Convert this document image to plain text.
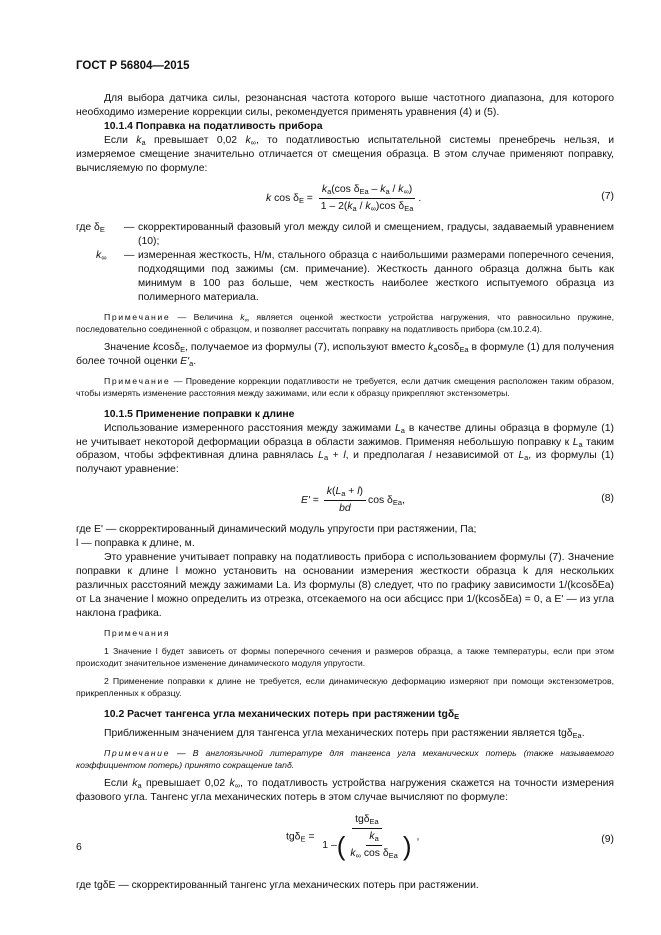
ГОСТ Р 56804—2015

Для выбора датчика силы, резонансная частота которого выше частотного диапазона, для которого необходимо измерение коррекции силы, рекомендуется применять уравнения (4) и (5).

10.1.4 Поправка на податливость прибора

Если $k_a$ превышает 0,02 $k_\infty$, то податливостью испытательной системы пренебречь нельзя, и измеряемое смещение значительно отличается от смещения образца. В этом случае применяют поправку, вычисляемую по формуле:

k $\cos \delta_E = \frac{k_a(\cos \delta_{Ea} - k_a / k_\infty)}{1 - 2(k_a / k_\infty)\cos \delta_{Ea}}$ .	(7)
где $\delta_E$	— скорректированный фазовый угол между силой и смещением, градусы, задаваемый уравнением (10);
$k_\infty$	— измеренная жесткость, Н/м, стального образца с наибольшими размерами поперечного сечения, подходящими под зажимы (см. примечание). Жесткость данного образца должна быть как минимум в 100 раз больше, чем жесткость наиболее жесткого испытуемого образца из полимерного материала.

Примечание — Величина $k_\infty$ является оценкой жесткости устройства нагружения, что равносильно пружине, последовательно соединенной с образцом, и позволяет рассчитать поправку на податливость прибора (см.10.2.4).

Значение kcosδ$_E$, получаемое из формулы (7), используют вместо $k_a\cos\delta_{Ea}$ в формуле (1) для получения более точной оценки $E'_a$.

Примечание — Проведение коррекции податливости не требуется, если датчик смещения расположен таким образом, чтобы измерять изменение расстояния между зажимами, или если к образцу прикрепляют экстензометры.

10.1.5 Применение поправки к длине

Использование измеренного расстояния между зажимами $L_a$ в качестве длины образца в формуле (1) не учитывает некоторой деформации образца в области зажимов. Применяя небольшую поправку к $L_a$ таким образом, чтобы эффективная длина равнялась $L_a + l$, и предполагая l независимой от $L_a$, из формулы (1) получают уравнение:

$E' = \frac{k(L_a + l)}{bd}$ $\cos \delta_{Ea}$,	(8)

где E' — скорректированный динамический модуль упругости при растяжении, Па;

l — поправка к длине, м.

Это уравнение учитывает поправку на податливость прибора с использованием формулы (7). Значение поправки к длине l можно установить на основании измерения жесткости образца k для нескольких различных расстояний между зажимами Lа. Из формулы (8) следует, что по графику зависимости 1/(kcosδEa) от Lа значение l можно определить из отрезка, отсекаемого на оси абсцисс при 1/(kcosδEa) = 0, а E' — из угла наклона графика.

Примечания

1 Значение l будет зависеть от формы поперечного сечения и размеров образца, а также температуры, если при этом происходит значительное изменение динамического модуля упругости.

2 Применение поправки к длине не требуется, если динамическую деформацию измеряют при помощи экстензометров, прикрепленных к образцу.

10.2 Расчет тангенса угла механических потерь при растяжении tgδ$_E$

Приближенным значением для тангенса угла механических потерь при растяжении является tgδ$_{Ea}$.

Примечание — В англоязычной литературе для тангенса угла механических потерь (также называемого коэффициентом потерь) принято сокращение tanδ.

Если $k_a$ превышает 0,02 $k_\infty$, то податливость устройства нагружения скажется на точности измерения фазового угла. Тангенс угла механических потерь в этом случае вычисляют по формуле:

tgδ$_E$ =
tgδ$_{Ea}$
1 – ( $\frac{k_a}{k_\infty \cos \delta_{Ea}}$ ) ,	(9)

где tgδE — скорректированный тангенс угла механических потерь при растяжении.

6
